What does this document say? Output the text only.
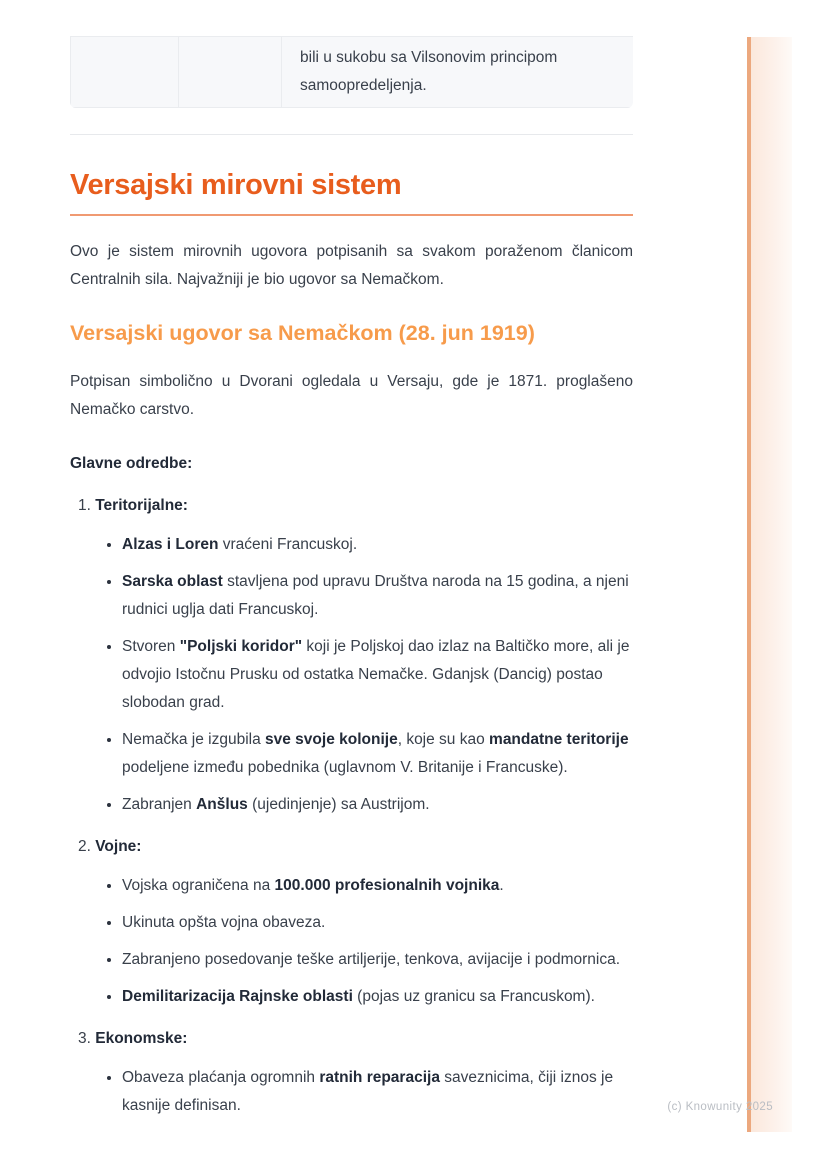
		bili u sukobu sa Vilsonovim principom samoopredeljenja.
Versajski mirovni sistem

Ovo je sistem mirovnih ugovora potpisanih sa svakom poraženom članicom Centralnih sila. Najvažniji je bio ugovor sa Nemačkom.

Versajski ugovor sa Nemačkom (28. jun 1919)

Potpisan simbolično u Dvorani ogledala u Versaju, gde je 1871. proglašeno Nemačko carstvo.

Glavne odredbe:

1. Teritorijalne:
• Alzas i Loren vraćeni Francuskoj.
• Sarska oblast stavljena pod upravu Društva naroda na 15 godina, a njeni rudnici uglja dati Francuskoj.
• Stvoren "Poljski koridor" koji je Poljskoj dao izlaz na Baltičko more, ali je odvojio Istočnu Prusku od ostatka Nemačke. Gdanjsk (Dancig) postao slobodan grad.
• Nemačka je izgubila sve svoje kolonije, koje su kao mandatne teritorije podeljene između pobednika (uglavnom V. Britanije i Francuske).
• Zabranjen Anšlus (ujedinjenje) sa Austrijom.
2. Vojne:
• Vojska ograničena na 100.000 profesionalnih vojnika.
• Ukinuta opšta vojna obaveza.
• Zabranjeno posedovanje teške artiljerije, tenkova, avijacije i podmornica.
• Demilitarizacija Rajnske oblasti (pojas uz granicu sa Francuskom).
3. Ekonomske:
• Obaveza plaćanja ogromnih ratnih reparacija saveznicima, čiji iznos je kasnije definisan.	(c) Knowunity 2025
